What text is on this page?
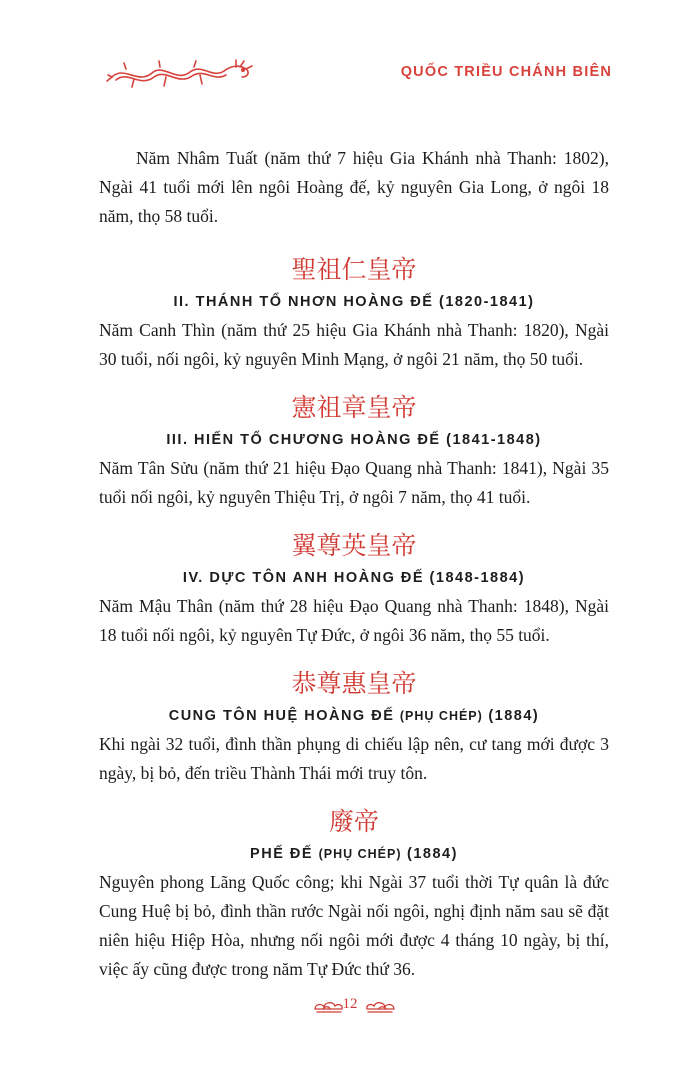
QUỐC TRIỀU CHÁNH BIÊN

Năm Nhâm Tuất (năm thứ 7 hiệu Gia Khánh nhà Thanh: 1802), Ngài 41 tuổi mới lên ngôi Hoàng đế, kỷ nguyên Gia Long, ở ngôi 18 năm, thọ 58 tuổi.

聖祖仁皇帝
II. THÁNH TỔ NHƠN HOÀNG ĐẾ (1820-1841)

Năm Canh Thìn (năm thứ 25 hiệu Gia Khánh nhà Thanh: 1820), Ngài 30 tuổi, nối ngôi, kỷ nguyên Minh Mạng, ở ngôi 21 năm, thọ 50 tuổi.

憲祖章皇帝
III. HIẾN TỔ CHƯƠNG HOÀNG ĐẾ (1841-1848)

Năm Tân Sửu (năm thứ 21 hiệu Đạo Quang nhà Thanh: 1841), Ngài 35 tuổi nối ngôi, kỷ nguyên Thiệu Trị, ở ngôi 7 năm, thọ 41 tuổi.

翼尊英皇帝
IV. DỰC TÔN ANH HOÀNG ĐẾ (1848-1884)

Năm Mậu Thân (năm thứ 28 hiệu Đạo Quang nhà Thanh: 1848), Ngài 18 tuổi nối ngôi, kỷ nguyên Tự Đức, ở ngôi 36 năm, thọ 55 tuổi.

恭尊惠皇帝
CUNG TÔN HUỆ HOÀNG ĐẾ (PHỤ CHÉP) (1884)

Khi ngài 32 tuổi, đình thần phụng di chiếu lập nên, cư tang mới được 3 ngày, bị bỏ, đến triều Thành Thái mới truy tôn.

廢帝
PHẾ ĐẾ (PHỤ CHÉP) (1884)

Nguyên phong Lãng Quốc công; khi Ngài 37 tuổi thời Tự quân là đức Cung Huệ bị bỏ, đình thần rước Ngài nối ngôi, nghị định năm sau sẽ đặt niên hiệu Hiệp Hòa, nhưng nối ngôi mới được 4 tháng 10 ngày, bị thí, việc ấy cũng được trong năm Tự Đức thứ 36.

12
